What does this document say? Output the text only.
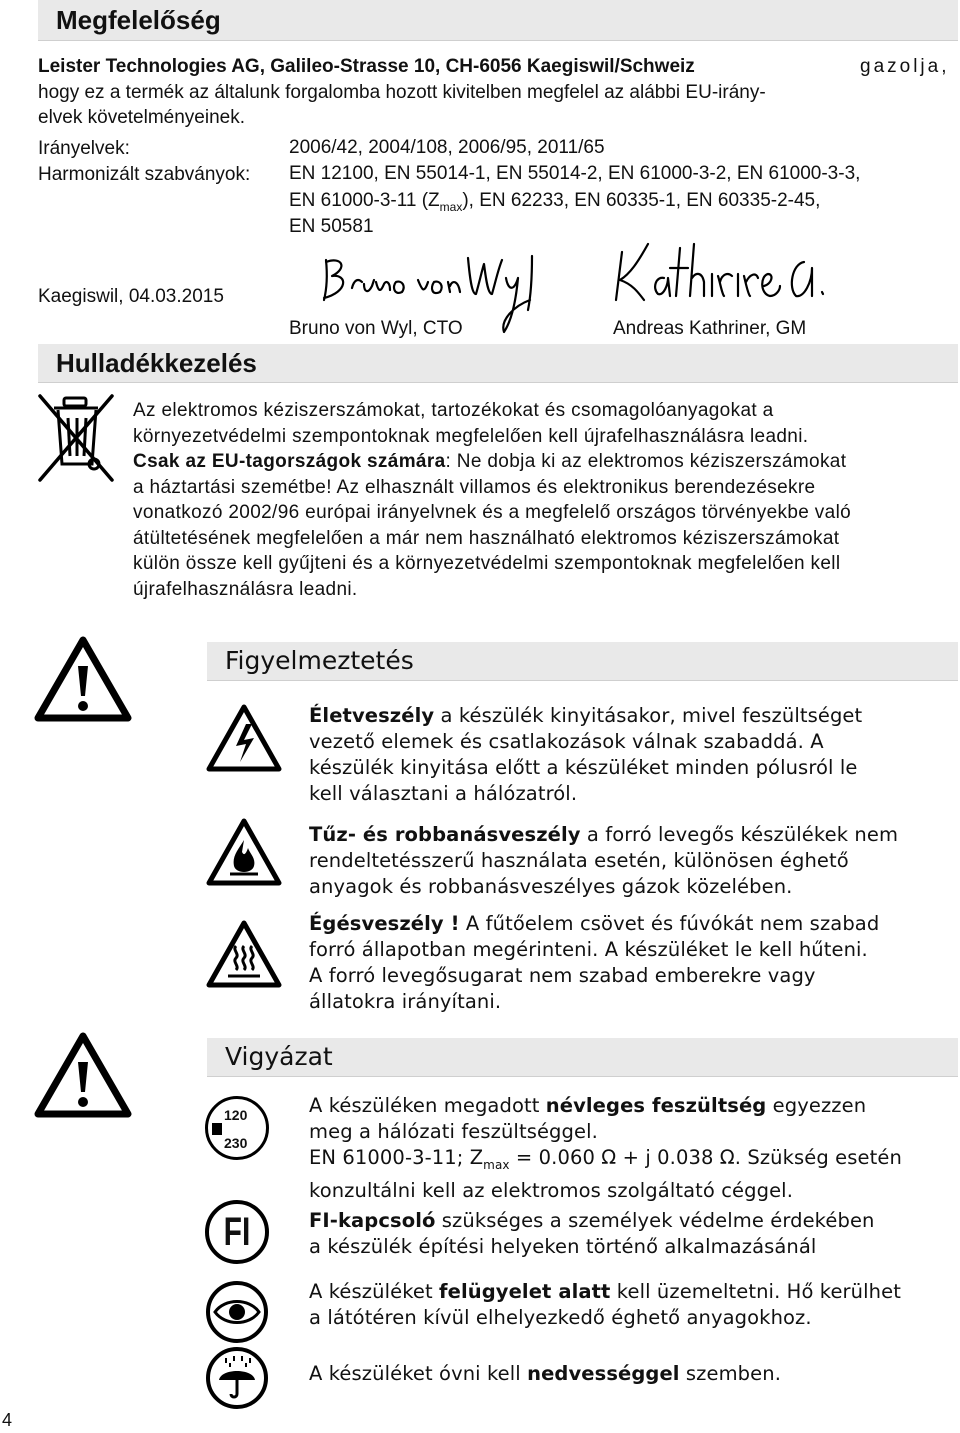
Megfelelőség
Leister Technologies AG, Galileo-Strasse 10, CH-6056 Kaegiswil/Schweiz	gazolja,
hogy ez a termék az általunk forgalomba hozott kivitelben megfelel az alábbi EU-irány-
elvek követelményeinek.
Irányelvek:	2006/42, 2004/108, 2006/95, 2011/65
Harmonizált szabványok: EN 12100, EN 55014-1, EN 55014-2, EN 61000-3-2, EN 61000-3-3,
EN 61000-3-11 $(Z_{max})$, EN 62233, EN 60335-1, EN 60335-2-45,
EN 50581
Kaegiswil, 04.03.2015
Bruno von Wyl, CTO	Andreas Kathriner, GM
Hulladékkezelés
Az elektromos kéziszerszámokat, tartozékokat és csomagolóanyagokat a
környezetvédelmi szempontoknak megfelelően kell újrafelhasználásra leadni.
Csak az EU-tagországok számára: Ne dobja ki az elektromos kéziszerszámokat
a háztartási szemétbe! Az elhasznált villamos és elektronikus berendezésekre
vonatkozó 2002/96 európai irányelvnek és a megfelelő országos törvényekbe való
átültetésének megfelelően a már nem használható elektromos kéziszerszámokat
külön össze kell gyűjteni és a környezetvédelmi szempontoknak megfelelően kell
újrafelhasználásra leadni.
Figyelmeztetés
Életveszély a készülék kinyitásakor, mivel feszültséget
vezető elemek és csatlakozások válnak szabaddá. A
készülék kinyitása előtt a készüléket minden pólusról le
kell választani a hálózatról.
Tűz- és robbanásveszély a forró levegős készülékek nem
rendeltetésszerű használata esetén, különösen éghető
anyagok és robbanásveszélyes gázok közelében.
Égésveszély ! A fűtőelem csövet és fúvókát nem szabad
forró állapotban megérinteni. A készüléket le kell hűteni.
A forró levegősugarat nem szabad emberekre vagy
állatokra irányítani.
Vigyázat
120
230
FI
A készüléken megadott névleges feszültség egyezzen
meg a hálózati feszültséggel.
EN 61000-3-11; $Z_{max} = 0.060$ Ω + j 0.038 Ω. Szükség esetén
konzultálni kell az elektromos szolgáltató céggel.
FI-kapcsoló szükséges a személyek védelme érdekében
a készülék építési helyeken történő alkalmazásánál
A készüléket felügyelet alatt kell üzemeltetni. Hő kerülhet
a látótéren kívül elhelyezkedő éghető anyagokhoz.
A készüléket óvni kell nedvességgel szemben.
4
